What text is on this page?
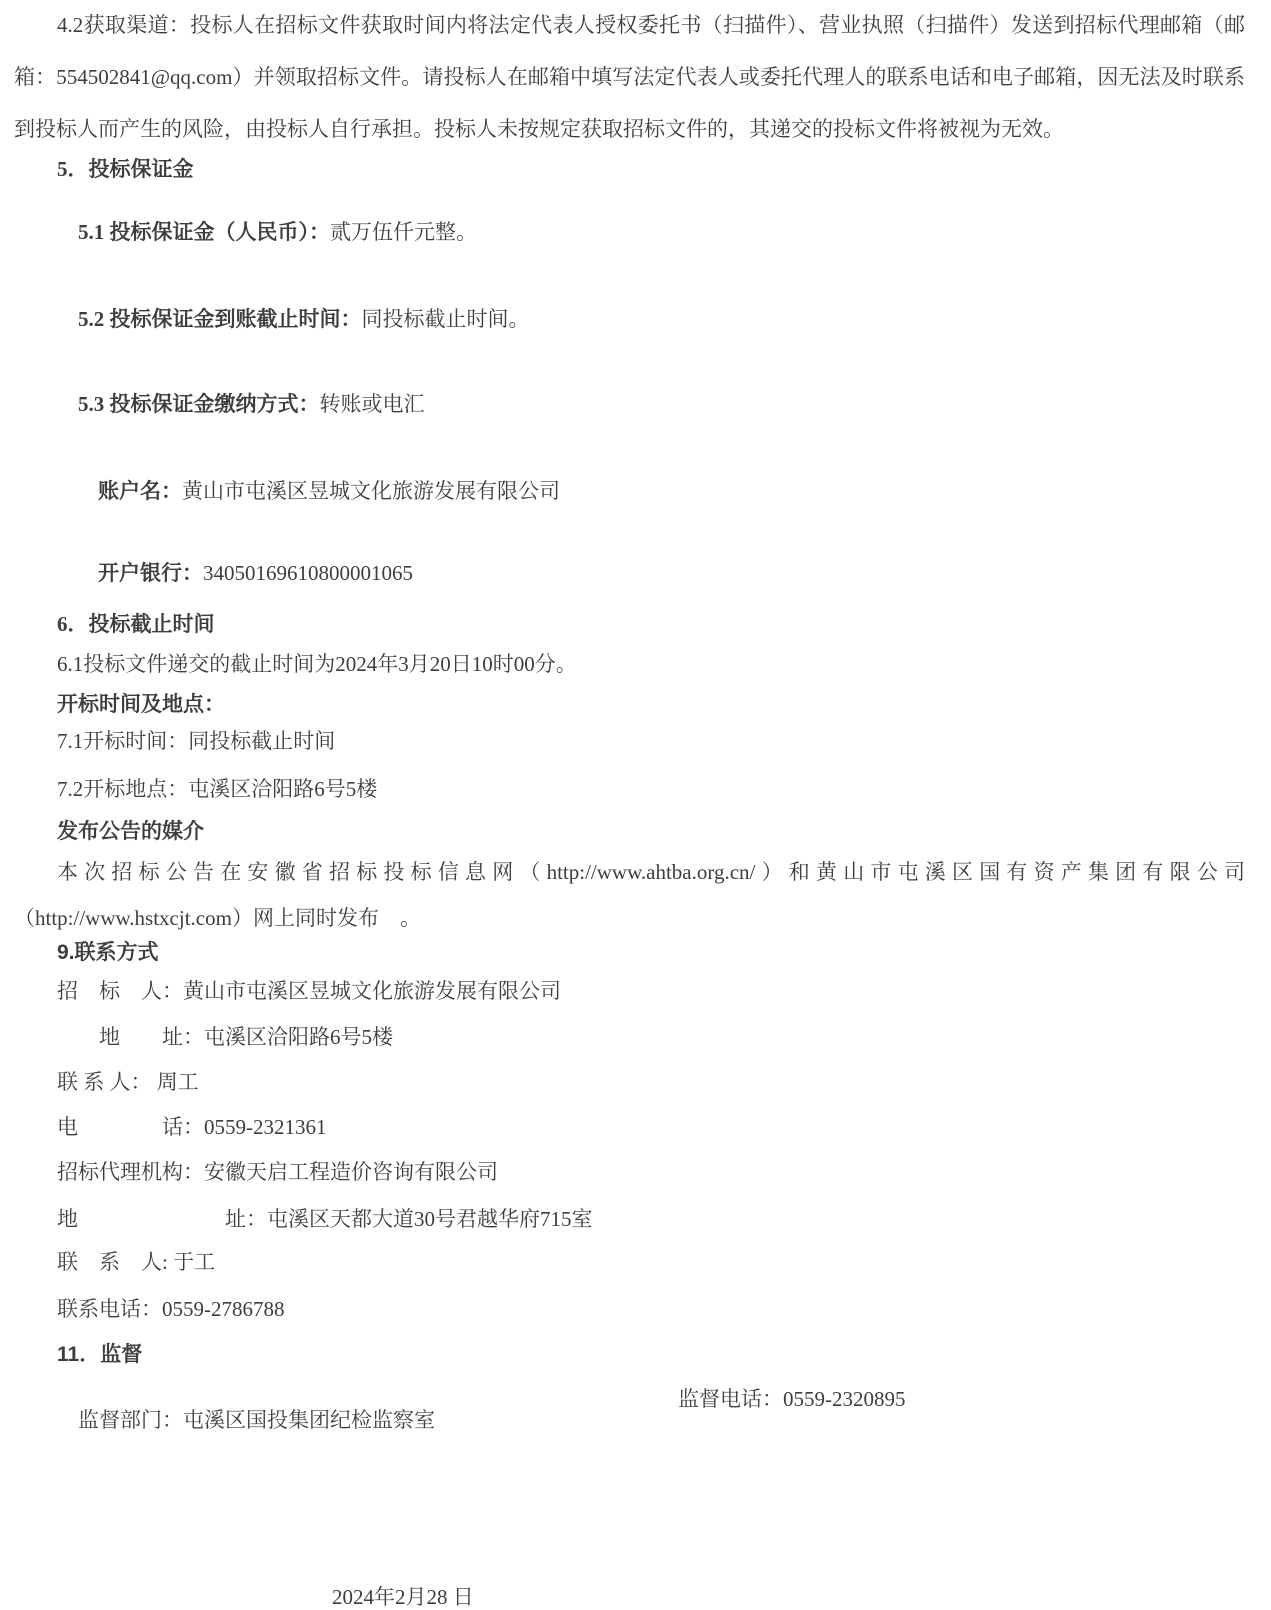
4.2获取渠道：投标人在招标文件获取时间内将法定代表人授权委托书（扫描件）、营业执照（扫描件）发送到招标代理邮箱（邮箱：554502841@qq.com）并领取招标文件。请投标人在邮箱中填写法定代表人或委托代理人的联系电话和电子邮箱，因无法及时联系到投标人而产生的风险，由投标人自行承担。投标人未按规定获取招标文件的，其递交的投标文件将被视为无效。
5．投标保证金

5.1 投标保证金（人民币）：贰万伍仟元整。

5.2 投标保证金到账截止时间：同投标截止时间。

5.3 投标保证金缴纳方式：转账或电汇

账户名：黄山市屯溪区昱城文化旅游发展有限公司

开户银行：34050169610800001065

6．投标截止时间
6.1投标文件递交的截止时间为2024年3月20日10时00分。
开标时间及地点：
7.1开标时间：同投标截止时间
7.2开标地点：屯溪区洽阳路6号5楼
发布公告的媒介
本次招标公告在安徽省招标投标信息网（http://www.ahtba.org.cn/）和黄山市屯溪区国有资产集团有限公司（http://www.hstxcjt.com）网上同时发布　。
9.联系方式
招　标　人：黄山市屯溪区昱城文化旅游发展有限公司
　　地　　址：屯溪区洽阳路6号5楼
联 系 人： 周工
电　　　　话：0559-2321361
招标代理机构：安徽天启工程造价咨询有限公司
地　　　　　　　址：屯溪区天都大道30号君越华府715室
联　系　人: 于工
联系电话：0559-2786788
11．监督

监督部门：屯溪区国投集团纪检监察室

监督电话：0559-2320895

2024年2月28 日
